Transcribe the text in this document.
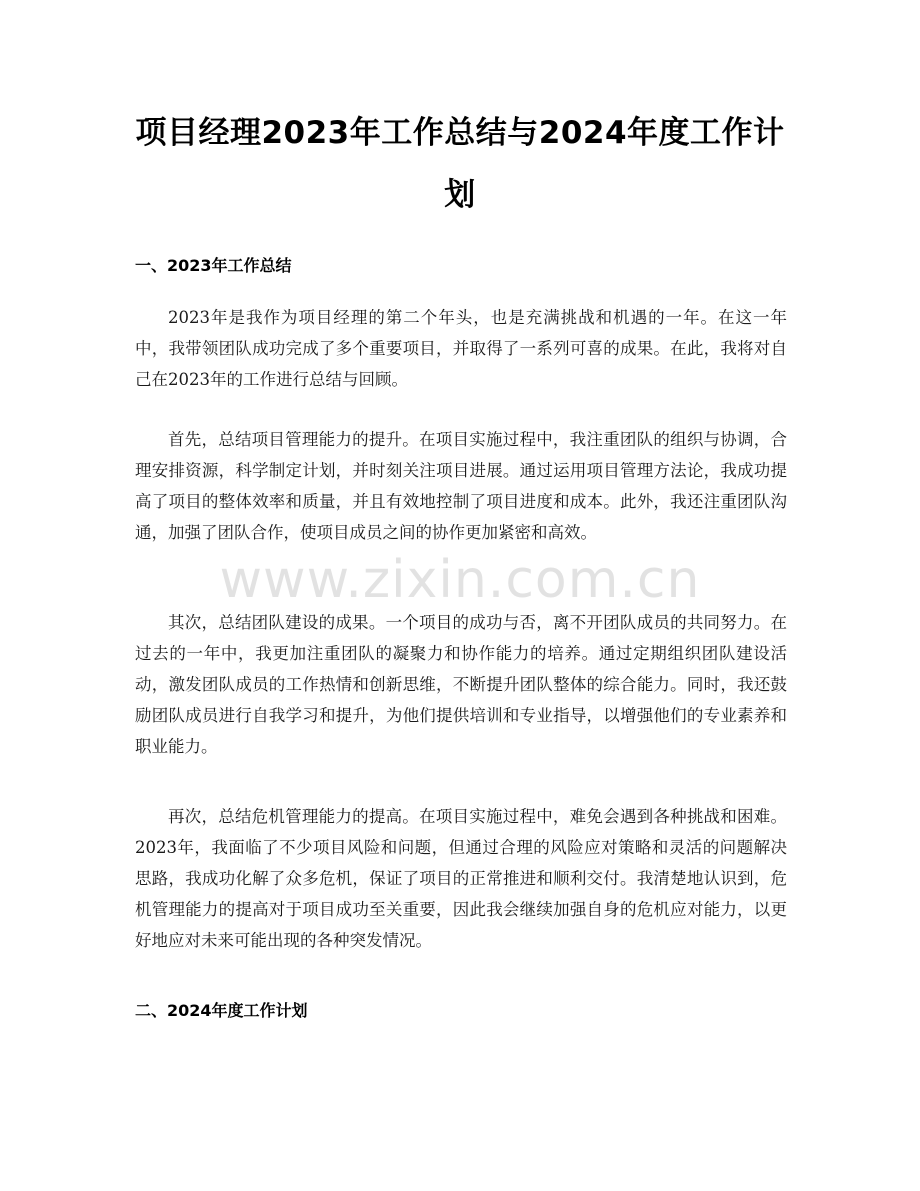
项目经理2023年工作总结与2024年度工作计划
一、2023年工作总结

2023年是我作为项目经理的第二个年头，也是充满挑战和机遇的一年。在这一年中，我带领团队成功完成了多个重要项目，并取得了一系列可喜的成果。在此，我将对自己在2023年的工作进行总结与回顾。

首先，总结项目管理能力的提升。在项目实施过程中，我注重团队的组织与协调，合理安排资源，科学制定计划，并时刻关注项目进展。通过运用项目管理方法论，我成功提高了项目的整体效率和质量，并且有效地控制了项目进度和成本。此外，我还注重团队沟通，加强了团队合作，使项目成员之间的协作更加紧密和高效。

其次，总结团队建设的成果。一个项目的成功与否，离不开团队成员的共同努力。在过去的一年中，我更加注重团队的凝聚力和协作能力的培养。通过定期组织团队建设活动，激发团队成员的工作热情和创新思维，不断提升团队整体的综合能力。同时，我还鼓励团队成员进行自我学习和提升，为他们提供培训和专业指导，以增强他们的专业素养和职业能力。

再次，总结危机管理能力的提高。在项目实施过程中，难免会遇到各种挑战和困难。2023年，我面临了不少项目风险和问题，但通过合理的风险应对策略和灵活的问题解决思路，我成功化解了众多危机，保证了项目的正常推进和顺利交付。我清楚地认识到，危机管理能力的提高对于项目成功至关重要，因此我会继续加强自身的危机应对能力，以更好地应对未来可能出现的各种突发情况。

二、2024年度工作计划
www.zixin.com.cn
